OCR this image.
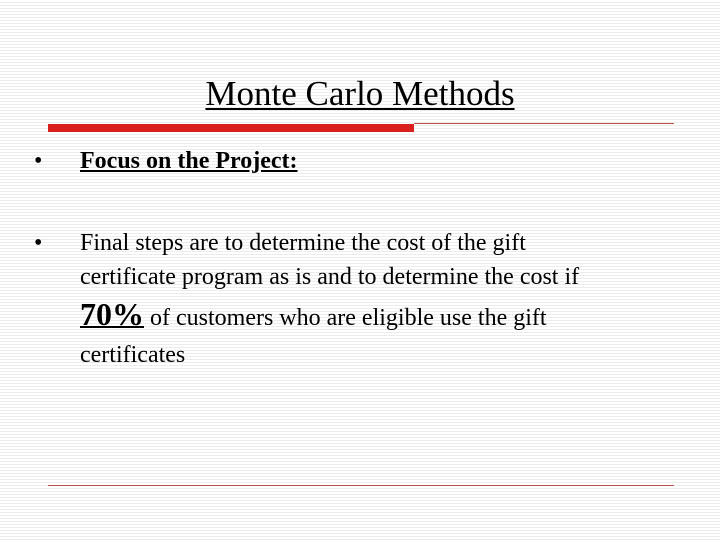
Monte Carlo Methods
• Focus on the Project:
• Final steps are to determine the cost of the gift
certificate program as is and to determine the cost if
70% of customers who are eligible use the gift
certificates
